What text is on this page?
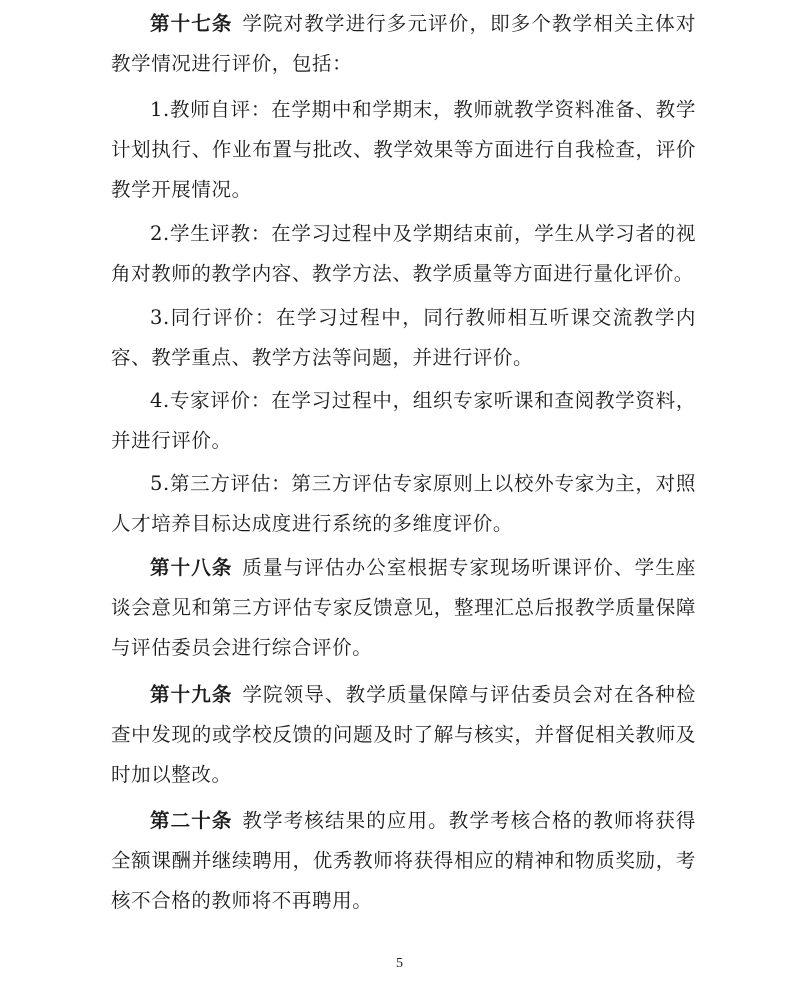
第十七条 学院对教学进行多元评价，即多个教学相关主体对教学情况进行评价，包括：

1.教师自评：在学期中和学期末，教师就教学资料准备、教学计划执行、作业布置与批改、教学效果等方面进行自我检查，评价教学开展情况。

2.学生评教：在学习过程中及学期结束前，学生从学习者的视角对教师的教学内容、教学方法、教学质量等方面进行量化评价。

3.同行评价：在学习过程中，同行教师相互听课交流教学内容、教学重点、教学方法等问题，并进行评价。

4.专家评价：在学习过程中，组织专家听课和查阅教学资料，并进行评价。

5.第三方评估：第三方评估专家原则上以校外专家为主，对照人才培养目标达成度进行系统的多维度评价。

第十八条 质量与评估办公室根据专家现场听课评价、学生座谈会意见和第三方评估专家反馈意见，整理汇总后报教学质量保障与评估委员会进行综合评价。

第十九条 学院领导、教学质量保障与评估委员会对在各种检查中发现的或学校反馈的问题及时了解与核实，并督促相关教师及时加以整改。

第二十条 教学考核结果的应用。教学考核合格的教师将获得全额课酬并继续聘用，优秀教师将获得相应的精神和物质奖励，考核不合格的教师将不再聘用。

5
